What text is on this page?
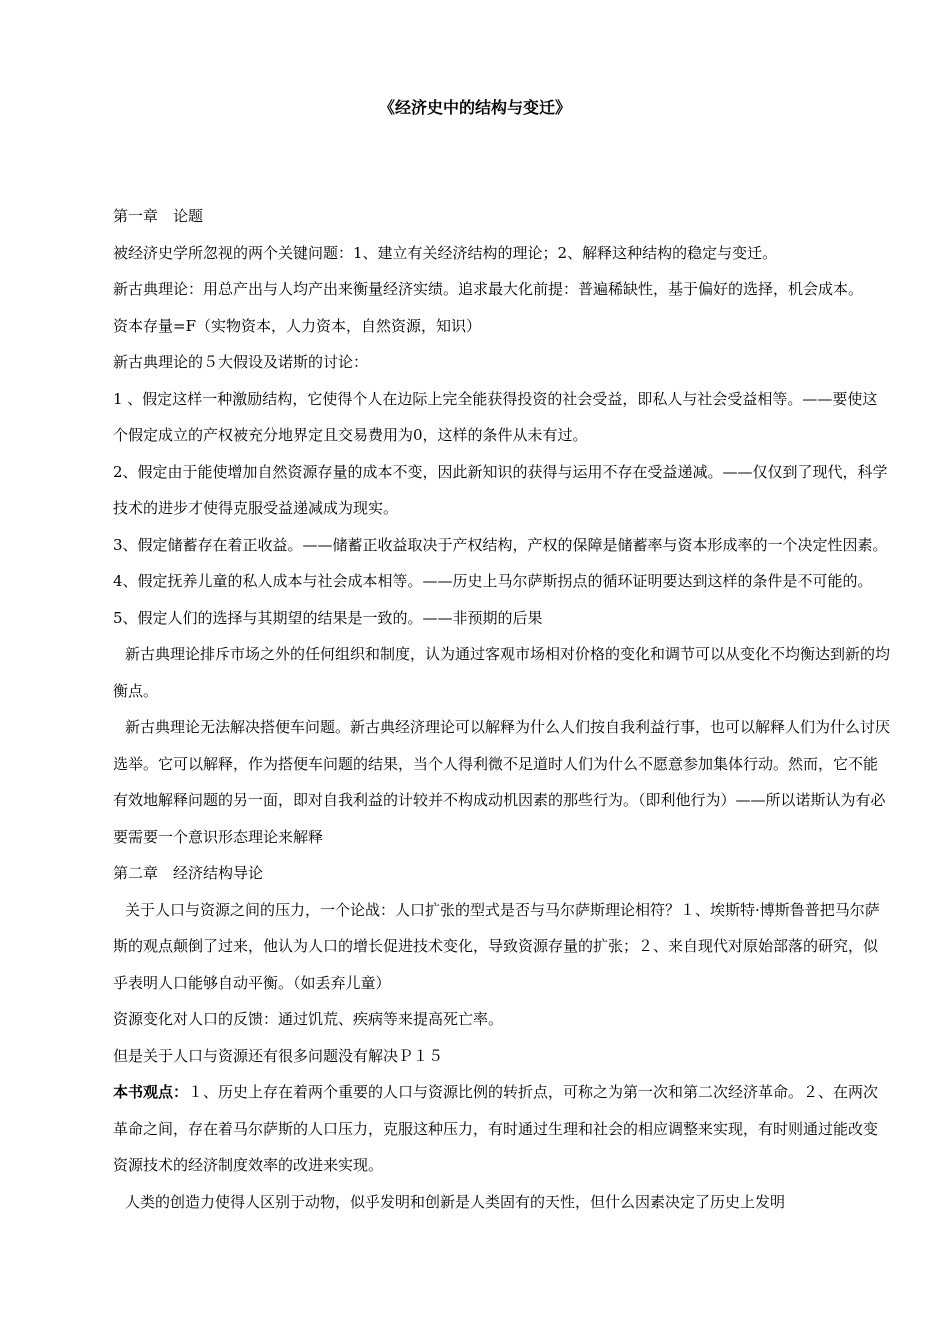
《经济史中的结构与变迁》

第一章　论题

被经济史学所忽视的两个关键问题：1、建立有关经济结构的理论；2、解释这种结构的稳定与变迁。

新古典理论：用总产出与人均产出来衡量经济实绩。追求最大化前提：普遍稀缺性，基于偏好的选择，机会成本。

资本存量=F（实物资本，人力资本，自然资源，知识）

新古典理论的５大假设及诺斯的讨论：

1 、假定这样一种激励结构，它使得个人在边际上完全能获得投资的社会受益，即私人与社会受益相等。——要使这个假定成立的产权被充分地界定且交易费用为0，这样的条件从未有过。

2、假定由于能使增加自然资源存量的成本不变，因此新知识的获得与运用不存在受益递减。——仅仅到了现代，科学技术的进步才使得克服受益递减成为现实。

3、假定储蓄存在着正收益。——储蓄正收益取决于产权结构，产权的保障是储蓄率与资本形成率的一个决定性因素。

4、假定抚养儿童的私人成本与社会成本相等。——历史上马尔萨斯拐点的循环证明要达到这样的条件是不可能的。

5、假定人们的选择与其期望的结果是一致的。——非预期的后果

新古典理论排斥市场之外的任何组织和制度，认为通过客观市场相对价格的变化和调节可以从变化不均衡达到新的均衡点。

新古典理论无法解决搭便车问题。新古典经济理论可以解释为什么人们按自我利益行事，也可以解释人们为什么讨厌选举。它可以解释，作为搭便车问题的结果，当个人得利微不足道时人们为什么不愿意参加集体行动。然而，它不能有效地解释问题的另一面，即对自我利益的计较并不构成动机因素的那些行为。（即利他行为）——所以诺斯认为有必要需要一个意识形态理论来解释

第二章　经济结构导论

关于人口与资源之间的压力，一个论战：人口扩张的型式是否与马尔萨斯理论相符？１、埃斯特·博斯鲁普把马尔萨斯的观点颠倒了过来，他认为人口的增长促进技术变化，导致资源存量的扩张；２、来自现代对原始部落的研究，似乎表明人口能够自动平衡。（如丢弃儿童）

资源变化对人口的反馈：通过饥荒、疾病等来提高死亡率。

但是关于人口与资源还有很多问题没有解决Ｐ１５

本书观点：１、历史上存在着两个重要的人口与资源比例的转折点，可称之为第一次和第二次经济革命。２、在两次革命之间，存在着马尔萨斯的人口压力，克服这种压力，有时通过生理和社会的相应调整来实现，有时则通过能改变资源技术的经济制度效率的改进来实现。

人类的创造力使得人区别于动物，似乎发明和创新是人类固有的天性，但什么因素决定了历史上发明
